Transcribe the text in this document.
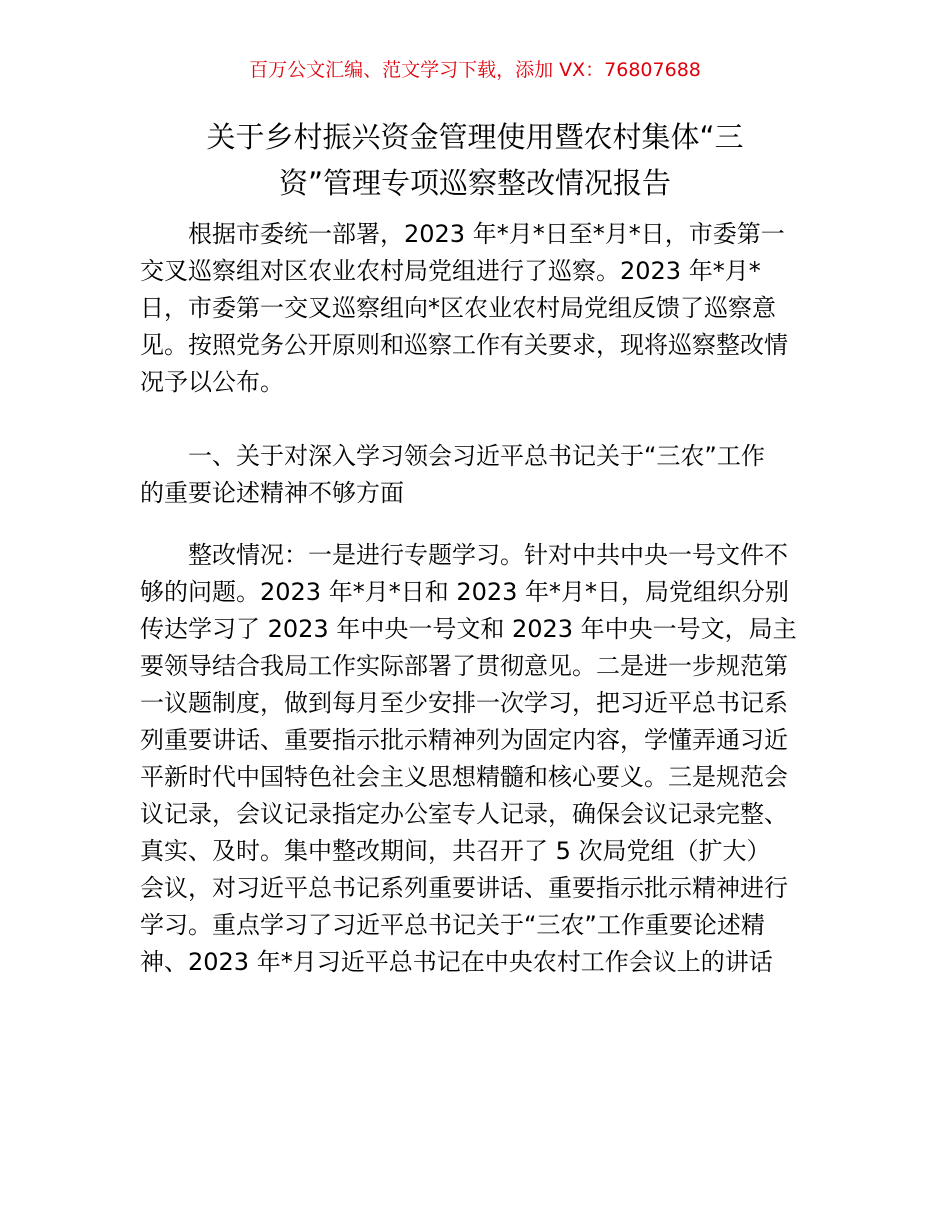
百万公文汇编、范文学习下载，添加 VX：76807688
关于乡村振兴资金管理使用暨农村集体“三
资”管理专项巡察整改情况报告
根据市委统一部署，2023 年*月*日至*月*日，市委第一
交叉巡察组对区农业农村局党组进行了巡察。2023 年*月*
日，市委第一交叉巡察组向*区农业农村局党组反馈了巡察意
见。按照党务公开原则和巡察工作有关要求，现将巡察整改情
况予以公布。
一、关于对深入学习领会习近平总书记关于“三农”工作
的重要论述精神不够方面
整改情况：一是进行专题学习。针对中共中央一号文件不
够的问题。2023 年*月*日和 2023 年*月*日，局党组织分别
传达学习了 2023 年中央一号文和 2023 年中央一号文，局主
要领导结合我局工作实际部署了贯彻意见。二是进一步规范第
一议题制度，做到每月至少安排一次学习，把习近平总书记系
列重要讲话、重要指示批示精神列为固定内容，学懂弄通习近
平新时代中国特色社会主义思想精髓和核心要义。三是规范会
议记录，会议记录指定办公室专人记录，确保会议记录完整、
真实、及时。集中整改期间，共召开了 5 次局党组（扩大）
会议，对习近平总书记系列重要讲话、重要指示批示精神进行
学习。重点学习了习近平总书记关于“三农”工作重要论述精
神、2023 年*月习近平总书记在中央农村工作会议上的讲话
